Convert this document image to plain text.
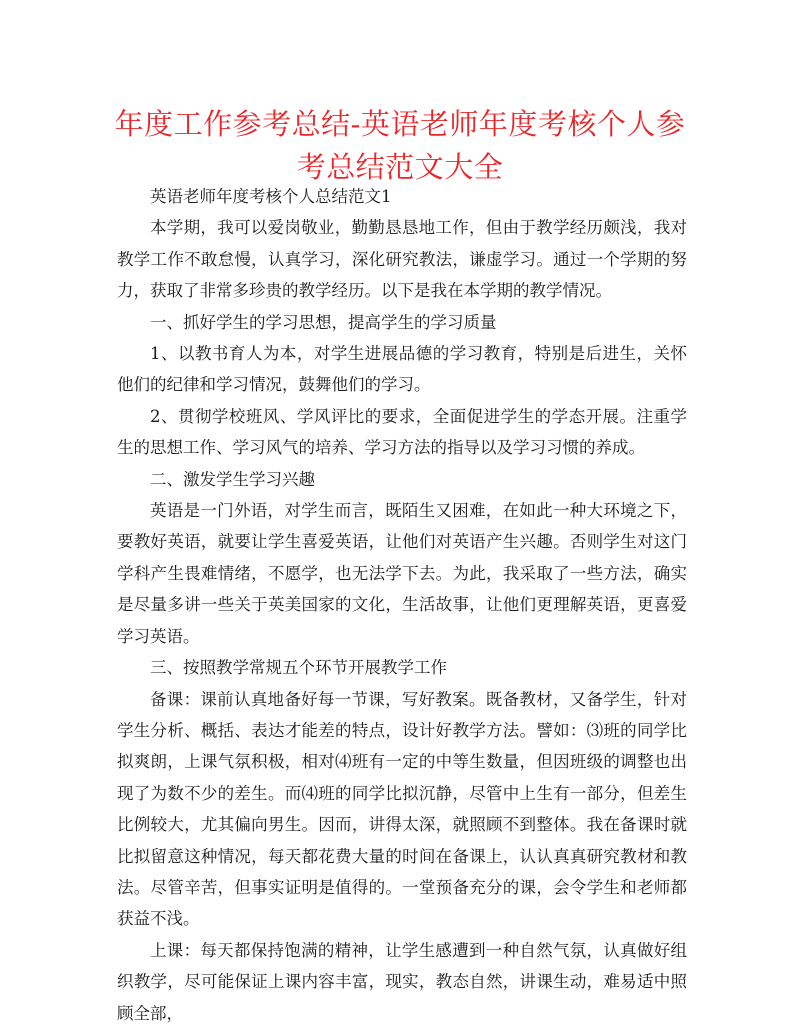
年度工作参考总结-英语老师年度考核个人参考总结范文大全

英语老师年度考核个人总结范文1

本学期，我可以爱岗敬业，勤勤恳恳地工作，但由于教学经历颇浅，我对教学工作不敢怠慢，认真学习，深化研究教法，谦虚学习。通过一个学期的努力，获取了非常多珍贵的教学经历。以下是我在本学期的教学情况。

一、抓好学生的学习思想，提高学生的学习质量

1、以教书育人为本，对学生进展品德的学习教育，特别是后进生，关怀他们的纪律和学习情况，鼓舞他们的学习。

2、贯彻学校班风、学风评比的要求，全面促进学生的学态开展。注重学生的思想工作、学习风气的培养、学习方法的指导以及学习习惯的养成。

二、激发学生学习兴趣

英语是一门外语，对学生而言，既陌生又困难，在如此一种大环境之下，要教好英语，就要让学生喜爱英语，让他们对英语产生兴趣。否则学生对这门学科产生畏难情绪，不愿学，也无法学下去。为此，我采取了一些方法，确实是尽量多讲一些关于英美国家的文化，生活故事，让他们更理解英语，更喜爱学习英语。

三、按照教学常规五个环节开展教学工作

备课：课前认真地备好每一节课，写好教案。既备教材，又备学生，针对学生分析、概括、表达才能差的特点，设计好教学方法。譬如：⑶班的同学比拟爽朗，上课气氛积极，相对⑷班有一定的中等生数量，但因班级的调整也出现了为数不少的差生。而⑷班的同学比拟沉静，尽管中上生有一部分，但差生比例较大，尤其偏向男生。因而，讲得太深，就照顾不到整体。我在备课时就比拟留意这种情况，每天都花费大量的时间在备课上，认认真真研究教材和教法。尽管辛苦，但事实证明是值得的。一堂预备充分的课，会令学生和老师都获益不浅。

上课：每天都保持饱满的精神，让学生感遭到一种自然气氛，认真做好组织教学，尽可能保证上课内容丰富，现实，教态自然，讲课生动，难易适中照顾全部，
